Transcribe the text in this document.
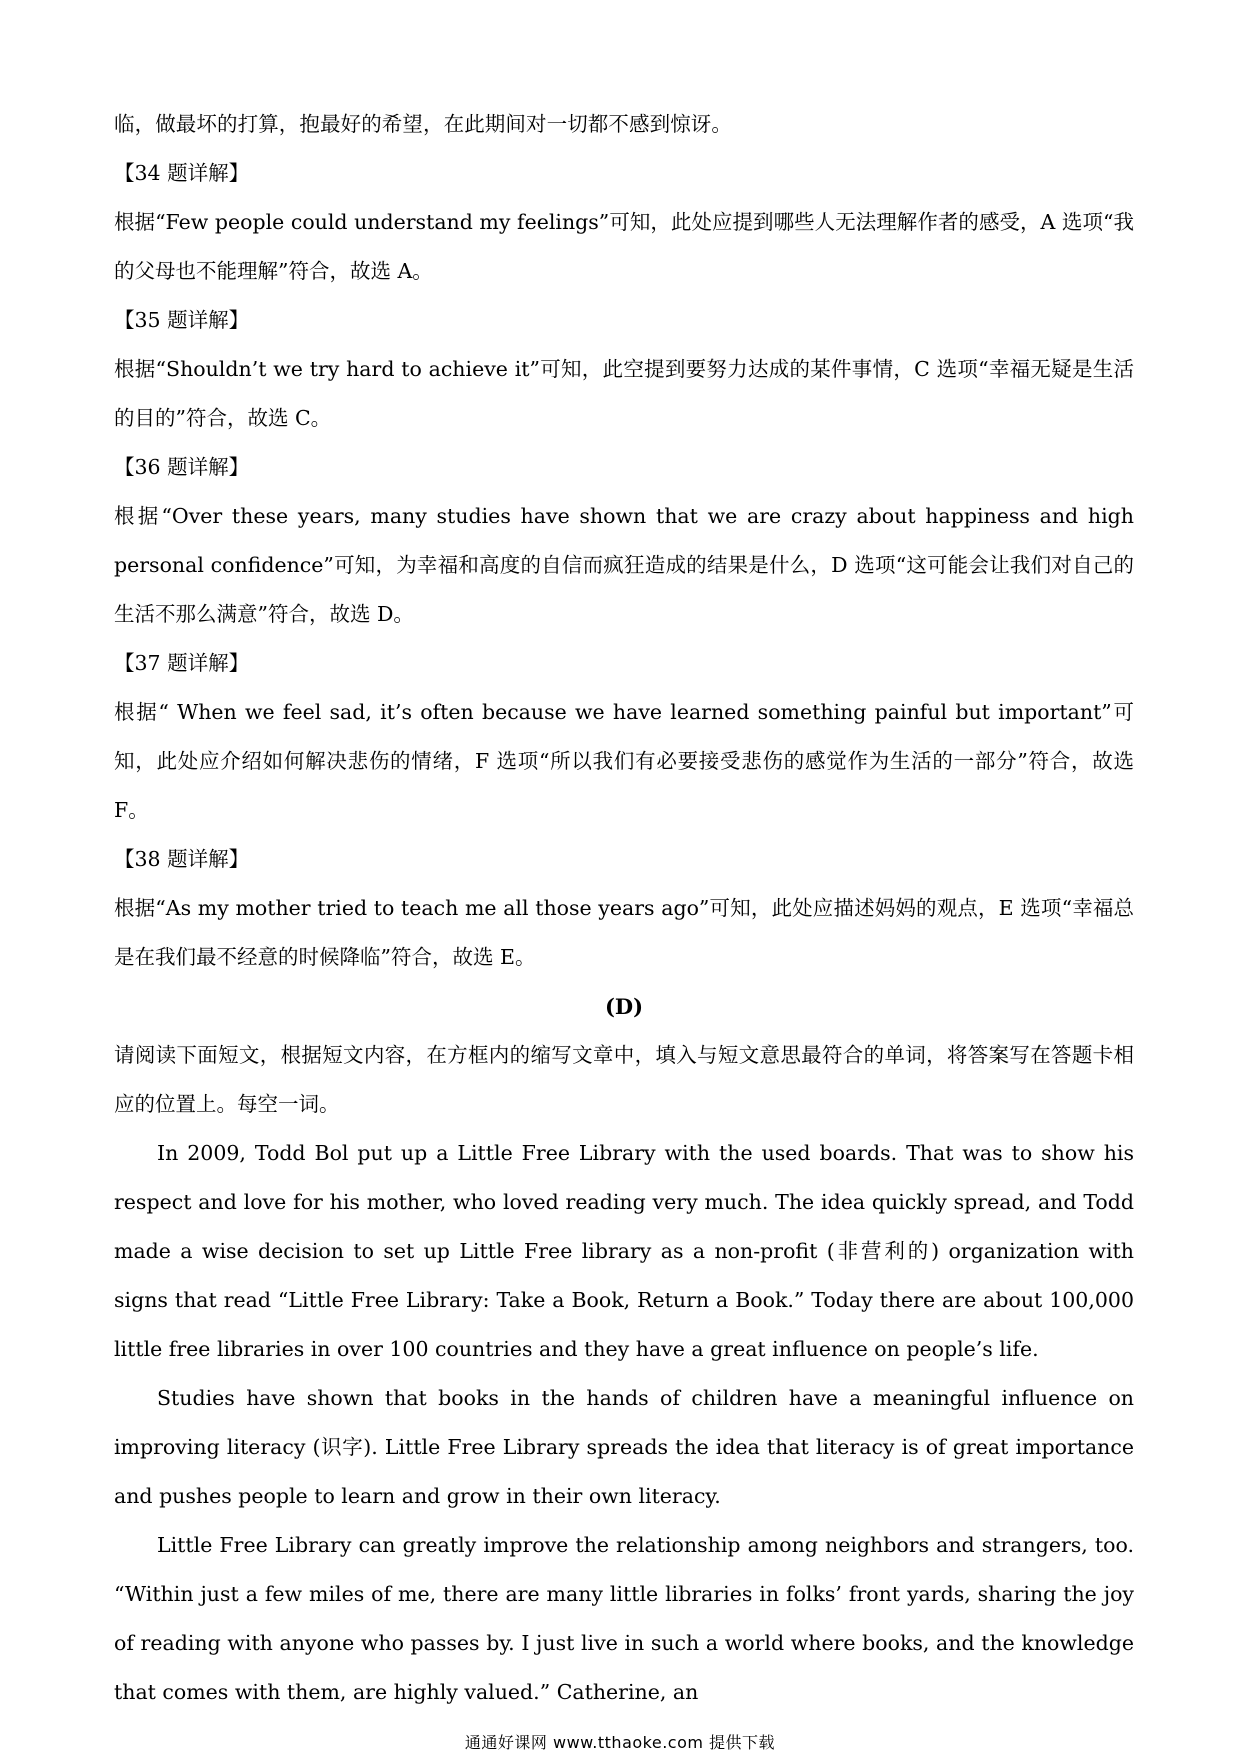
临，做最坏的打算，抱最好的希望，在此期间对一切都不感到惊讶。
【34 题详解】

根据“Few people could understand my feelings”可知，此处应提到哪些人无法理解作者的感受，A 选项“我的父母也不能理解”符合，故选 A。

【35 题详解】

根据“Shouldn’t we try hard to achieve it”可知，此空提到要努力达成的某件事情，C 选项“幸福无疑是生活的目的”符合，故选 C。

【36 题详解】

根据“Over these years, many studies have shown that we are crazy about happiness and high personal confidence”可知，为幸福和高度的自信而疯狂造成的结果是什么，D 选项“这可能会让我们对自己的生活不那么满意”符合，故选 D。

【37 题详解】

根据“ When we feel sad, it’s often because we have learned something painful but important”可知，此处应介绍如何解决悲伤的情绪，F 选项“所以我们有必要接受悲伤的感觉作为生活的一部分”符合，故选 F。

【38 题详解】

根据“As my mother tried to teach me all those years ago”可知，此处应描述妈妈的观点，E 选项“幸福总是在我们最不经意的时候降临”符合，故选 E。

(D)

请阅读下面短文，根据短文内容，在方框内的缩写文章中，填入与短文意思最符合的单词，将答案写在答题卡相应的位置上。每空一词。

In 2009, Todd Bol put up a Little Free Library with the used boards. That was to show his respect and love for his mother, who loved reading very much. The idea quickly spread, and Todd made a wise decision to set up Little Free library as a non-profit (非营利的) organization with signs that read “Little Free Library: Take a Book, Return a Book.” Today there are about 100,000 little free libraries in over 100 countries and they have a great influence on people’s life.

Studies have shown that books in the hands of children have a meaningful influence on improving literacy (识字). Little Free Library spreads the idea that literacy is of great importance and pushes people to learn and grow in their own literacy.

Little Free Library can greatly improve the relationship among neighbors and strangers, too. “Within just a few miles of me, there are many little libraries in folks’ front yards, sharing the joy of reading with anyone who passes by. I just live in such a world where books, and the knowledge that comes with them, are highly valued.” Catherine, an

通通好课网 www.tthaoke.com 提供下载
